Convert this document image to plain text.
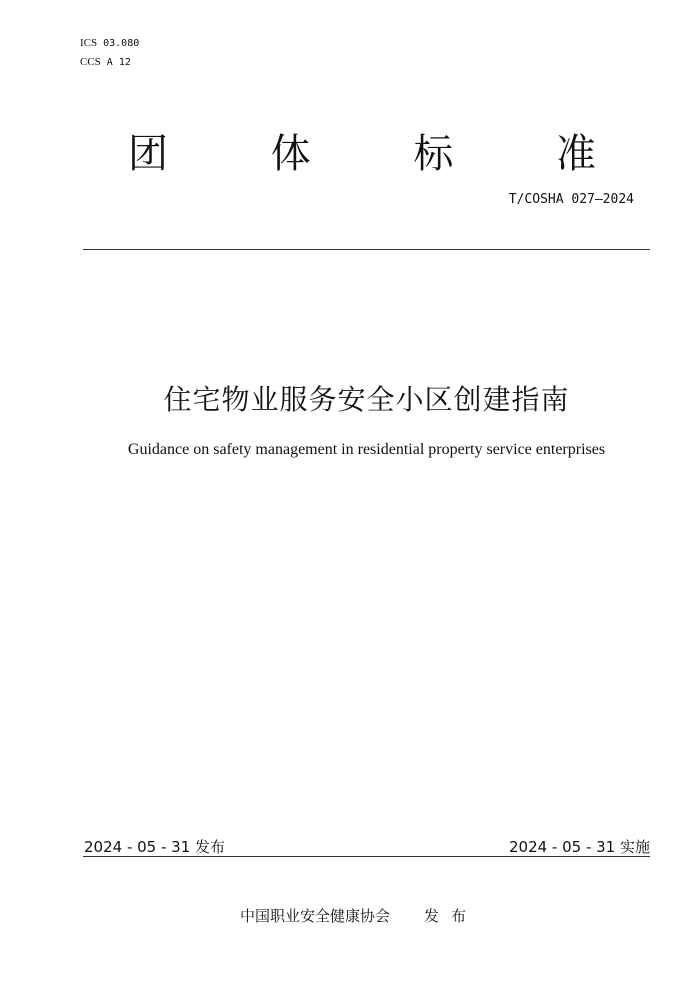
ICS 03.080
CCS A 12
团	体	标	准
T/COSHA 027—2024
住宅物业服务安全小区创建指南
Guidance on safety management in residential property service enterprises
2024 - 05 - 31 发布	2024 - 05 - 31 实施
中国职业安全健康协会 发布
